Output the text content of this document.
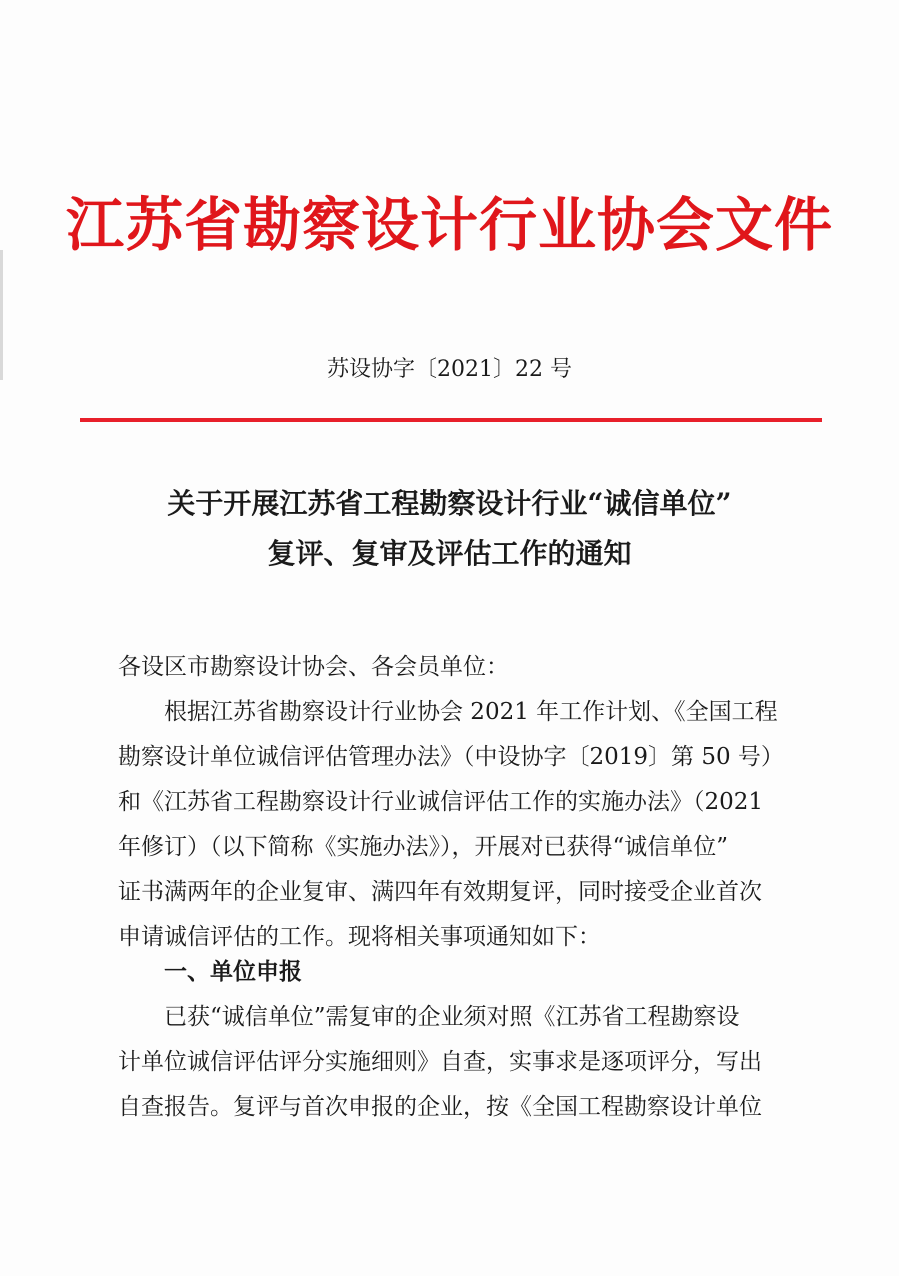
江苏省勘察设计行业协会文件
苏设协字〔2021〕22 号
关于开展江苏省工程勘察设计行业“诚信单位”
复评、复审及评估工作的通知
各设区市勘察设计协会、各会员单位：
　　根据江苏省勘察设计行业协会 2021 年工作计划、《全国工程
勘察设计单位诚信评估管理办法》（中设协字〔2019〕第 50 号）
和《江苏省工程勘察设计行业诚信评估工作的实施办法》（2021
年修订）（以下简称《实施办法》），开展对已获得“诚信单位”
证书满两年的企业复审、满四年有效期复评，同时接受企业首次
申请诚信评估的工作。现将相关事项通知如下：
一、单位申报
　　已获“诚信单位”需复审的企业须对照《江苏省工程勘察设
计单位诚信评估评分实施细则》自查，实事求是逐项评分，写出
自查报告。复评与首次申报的企业，按《全国工程勘察设计单位
